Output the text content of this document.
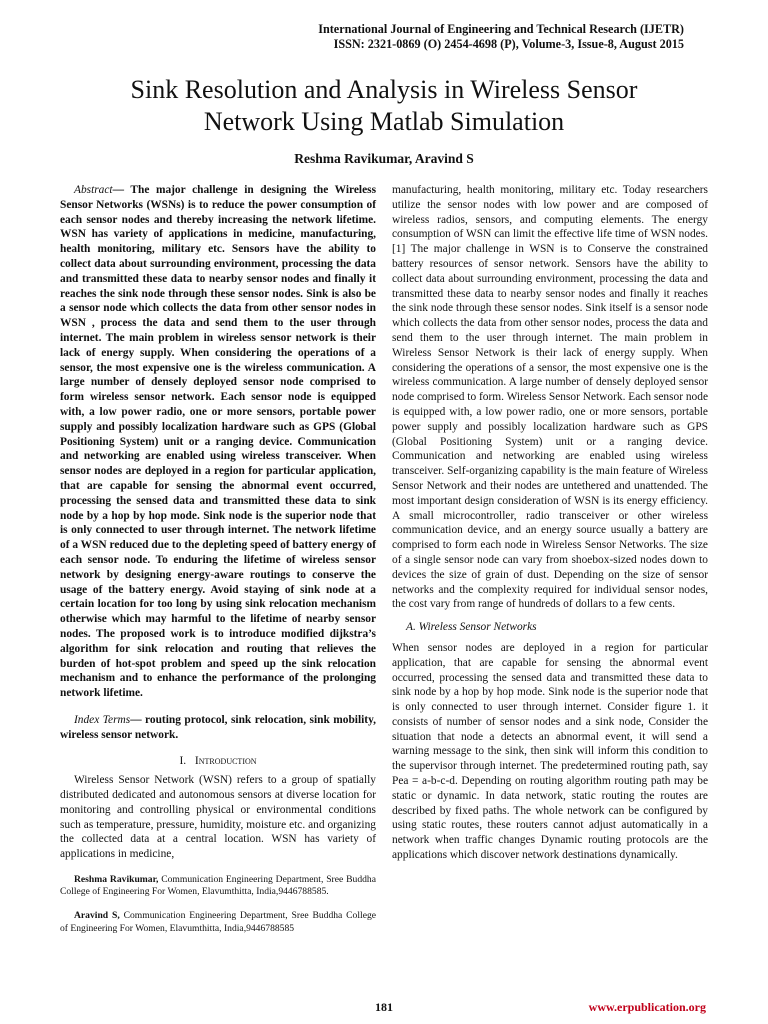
International Journal of Engineering and Technical Research (IJETR)
ISSN: 2321-0869 (O) 2454-4698 (P), Volume-3, Issue-8, August 2015
Sink Resolution and Analysis in Wireless Sensor
Network Using Matlab Simulation
Reshma Ravikumar, Aravind S

Abstract— The major challenge in designing the Wireless Sensor Networks (WSNs) is to reduce the power consumption of each sensor nodes and thereby increasing the network lifetime. WSN has variety of applications in medicine, manufacturing, health monitoring, military etc. Sensors have the ability to collect data about surrounding environment, processing the data and transmitted these data to nearby sensor nodes and finally it reaches the sink node through these sensor nodes. Sink is also be a sensor node which collects the data from other sensor nodes in WSN , process the data and send them to the user through internet. The main problem in wireless sensor network is their lack of energy supply. When considering the operations of a sensor, the most expensive one is the wireless communication. A large number of densely deployed sensor node comprised to form wireless sensor network. Each sensor node is equipped with, a low power radio, one or more sensors, portable power supply and possibly localization hardware such as GPS (Global Positioning System) unit or a ranging device. Communication and networking are enabled using wireless transceiver. When sensor nodes are deployed in a region for particular application, that are capable for sensing the abnormal event occurred, processing the sensed data and transmitted these data to sink node by a hop by hop mode. Sink node is the superior node that is only connected to user through internet. The network lifetime of a WSN reduced due to the depleting speed of battery energy of each sensor node. To enduring the lifetime of wireless sensor network by designing energy-aware routings to conserve the usage of the battery energy. Avoid staying of sink node at a certain location for too long by using sink relocation mechanism otherwise which may harmful to the lifetime of nearby sensor nodes. The proposed work is to introduce modified dijkstra’s algorithm for sink relocation and routing that relieves the burden of hot-spot problem and speed up the sink relocation mechanism and to enhance the performance of the prolonging network lifetime.

Index Terms— routing protocol, sink relocation, sink mobility, wireless sensor network.

I. Introduction

Wireless Sensor Network (WSN) refers to a group of spatially distributed dedicated and autonomous sensors at diverse location for monitoring and controlling physical or environmental conditions such as temperature, pressure, humidity, moisture etc. and organizing the collected data at a central location. WSN has variety of applications in medicine,

Reshma Ravikumar, Communication Engineering Department, Sree Buddha College of Engineering For Women, Elavumthitta, India,9446788585.

Aravind S, Communication Engineering Department, Sree Buddha College of Engineering For Women, Elavumthitta, India,9446788585

manufacturing, health monitoring, military etc. Today researchers utilize the sensor nodes with low power and are composed of wireless radios, sensors, and computing elements. The energy consumption of WSN can limit the effective life time of WSN nodes.[1] The major challenge in WSN is to Conserve the constrained battery resources of sensor network. Sensors have the ability to collect data about surrounding environment, processing the data and transmitted these data to nearby sensor nodes and finally it reaches the sink node through these sensor nodes. Sink itself is a sensor node which collects the data from other sensor nodes, process the data and send them to the user through internet. The main problem in Wireless Sensor Network is their lack of energy supply. When considering the operations of a sensor, the most expensive one is the wireless communication. A large number of densely deployed sensor node comprised to form. Wireless Sensor Network. Each sensor node is equipped with, a low power radio, one or more sensors, portable power supply and possibly localization hardware such as GPS (Global Positioning System) unit or a ranging device. Communication and networking are enabled using wireless transceiver. Self-organizing capability is the main feature of Wireless Sensor Network and their nodes are untethered and unattended. The most important design consideration of WSN is its energy efficiency. A small microcontroller, radio transceiver or other wireless communication device, and an energy source usually a battery are comprised to form each node in Wireless Sensor Networks. The size of a single sensor node can vary from shoebox-sized nodes down to devices the size of grain of dust. Depending on the size of sensor networks and the complexity required for individual sensor nodes, the cost vary from range of hundreds of dollars to a few cents.

A. Wireless Sensor Networks

When sensor nodes are deployed in a region for particular application, that are capable for sensing the abnormal event occurred, processing the sensed data and transmitted these data to sink node by a hop by hop mode. Sink node is the superior node that is only connected to user through internet. Consider figure 1. it consists of number of sensor nodes and a sink node, Consider the situation that node a detects an abnormal event, it will send a warning message to the sink, then sink will inform this condition to the supervisor through internet. The predetermined routing path, say Pea = a-b-c-d. Depending on routing algorithm routing path may be static or dynamic. In data network, static routing the routes are described by fixed paths. The whole network can be configured by using static routes, these routers cannot adjust automatically in a network when traffic changes Dynamic routing protocols are the applications which discover network destinations dynamically.

181	www.erpublication.org
